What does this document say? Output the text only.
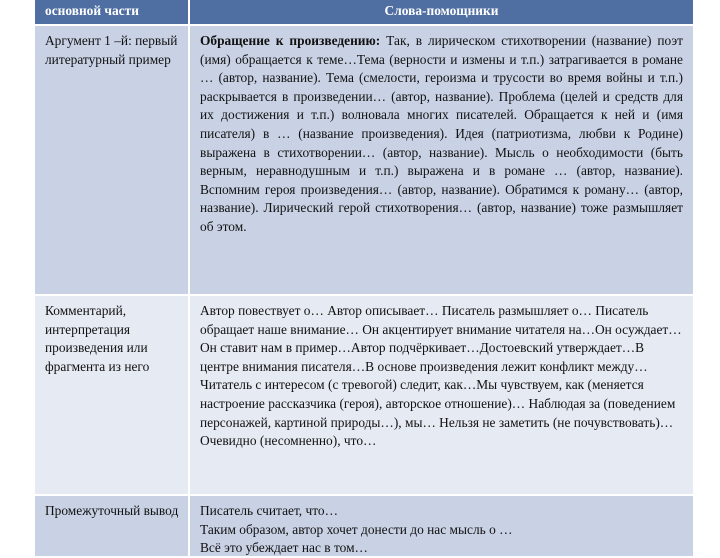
основной части	Слова-помощники
Аргумент 1 –й: первый литературный пример
Обращение к произведению: Так, в лирическом стихотворении (название) поэт (имя) обращается к теме…Тема (верности и измены и т.п.) затрагивается в романе … (автор, название). Тема (смелости, героизма и трусости во время войны и т.п.) раскрывается в произведении… (автор, название). Проблема (целей и средств для их достижения и т.п.) волновала многих писателей. Обращается к ней и (имя писателя) в … (название произведения). Идея (патриотизма, любви к Родине) выражена в стихотворении… (автор, название). Мысль о необходимости (быть верным, неравнодушным и т.п.) выражена и в романе … (автор, название). Вспомним героя произведения… (автор, название). Обратимся к роману… (автор, название). Лирический герой стихотворения… (автор, название) тоже размышляет об этом.
Комментарий, интерпретация произведения или фрагмента из него
Автор повествует о… Автор описывает… Писатель размышляет о… Писатель обращает наше внимание… Он акцентирует внимание читателя на…Он осуждает…Он ставит нам в пример…Автор подчёркивает…Достоевский утверждает…В центре внимания писателя…В основе произведения лежит конфликт между…Читатель с интересом (с тревогой) следит, как…Мы чувствуем, как (меняется настроение рассказчика (героя), авторское отношение)… Наблюдая за (поведением персонажей, картиной природы…), мы… Нельзя не заметить (не почувствовать)… Очевидно (несомненно), что…
Промежуточный вывод	Писатель считает, что…
Таким образом, автор хочет донести до нас мысль о …
Всё это убеждает нас в том…
